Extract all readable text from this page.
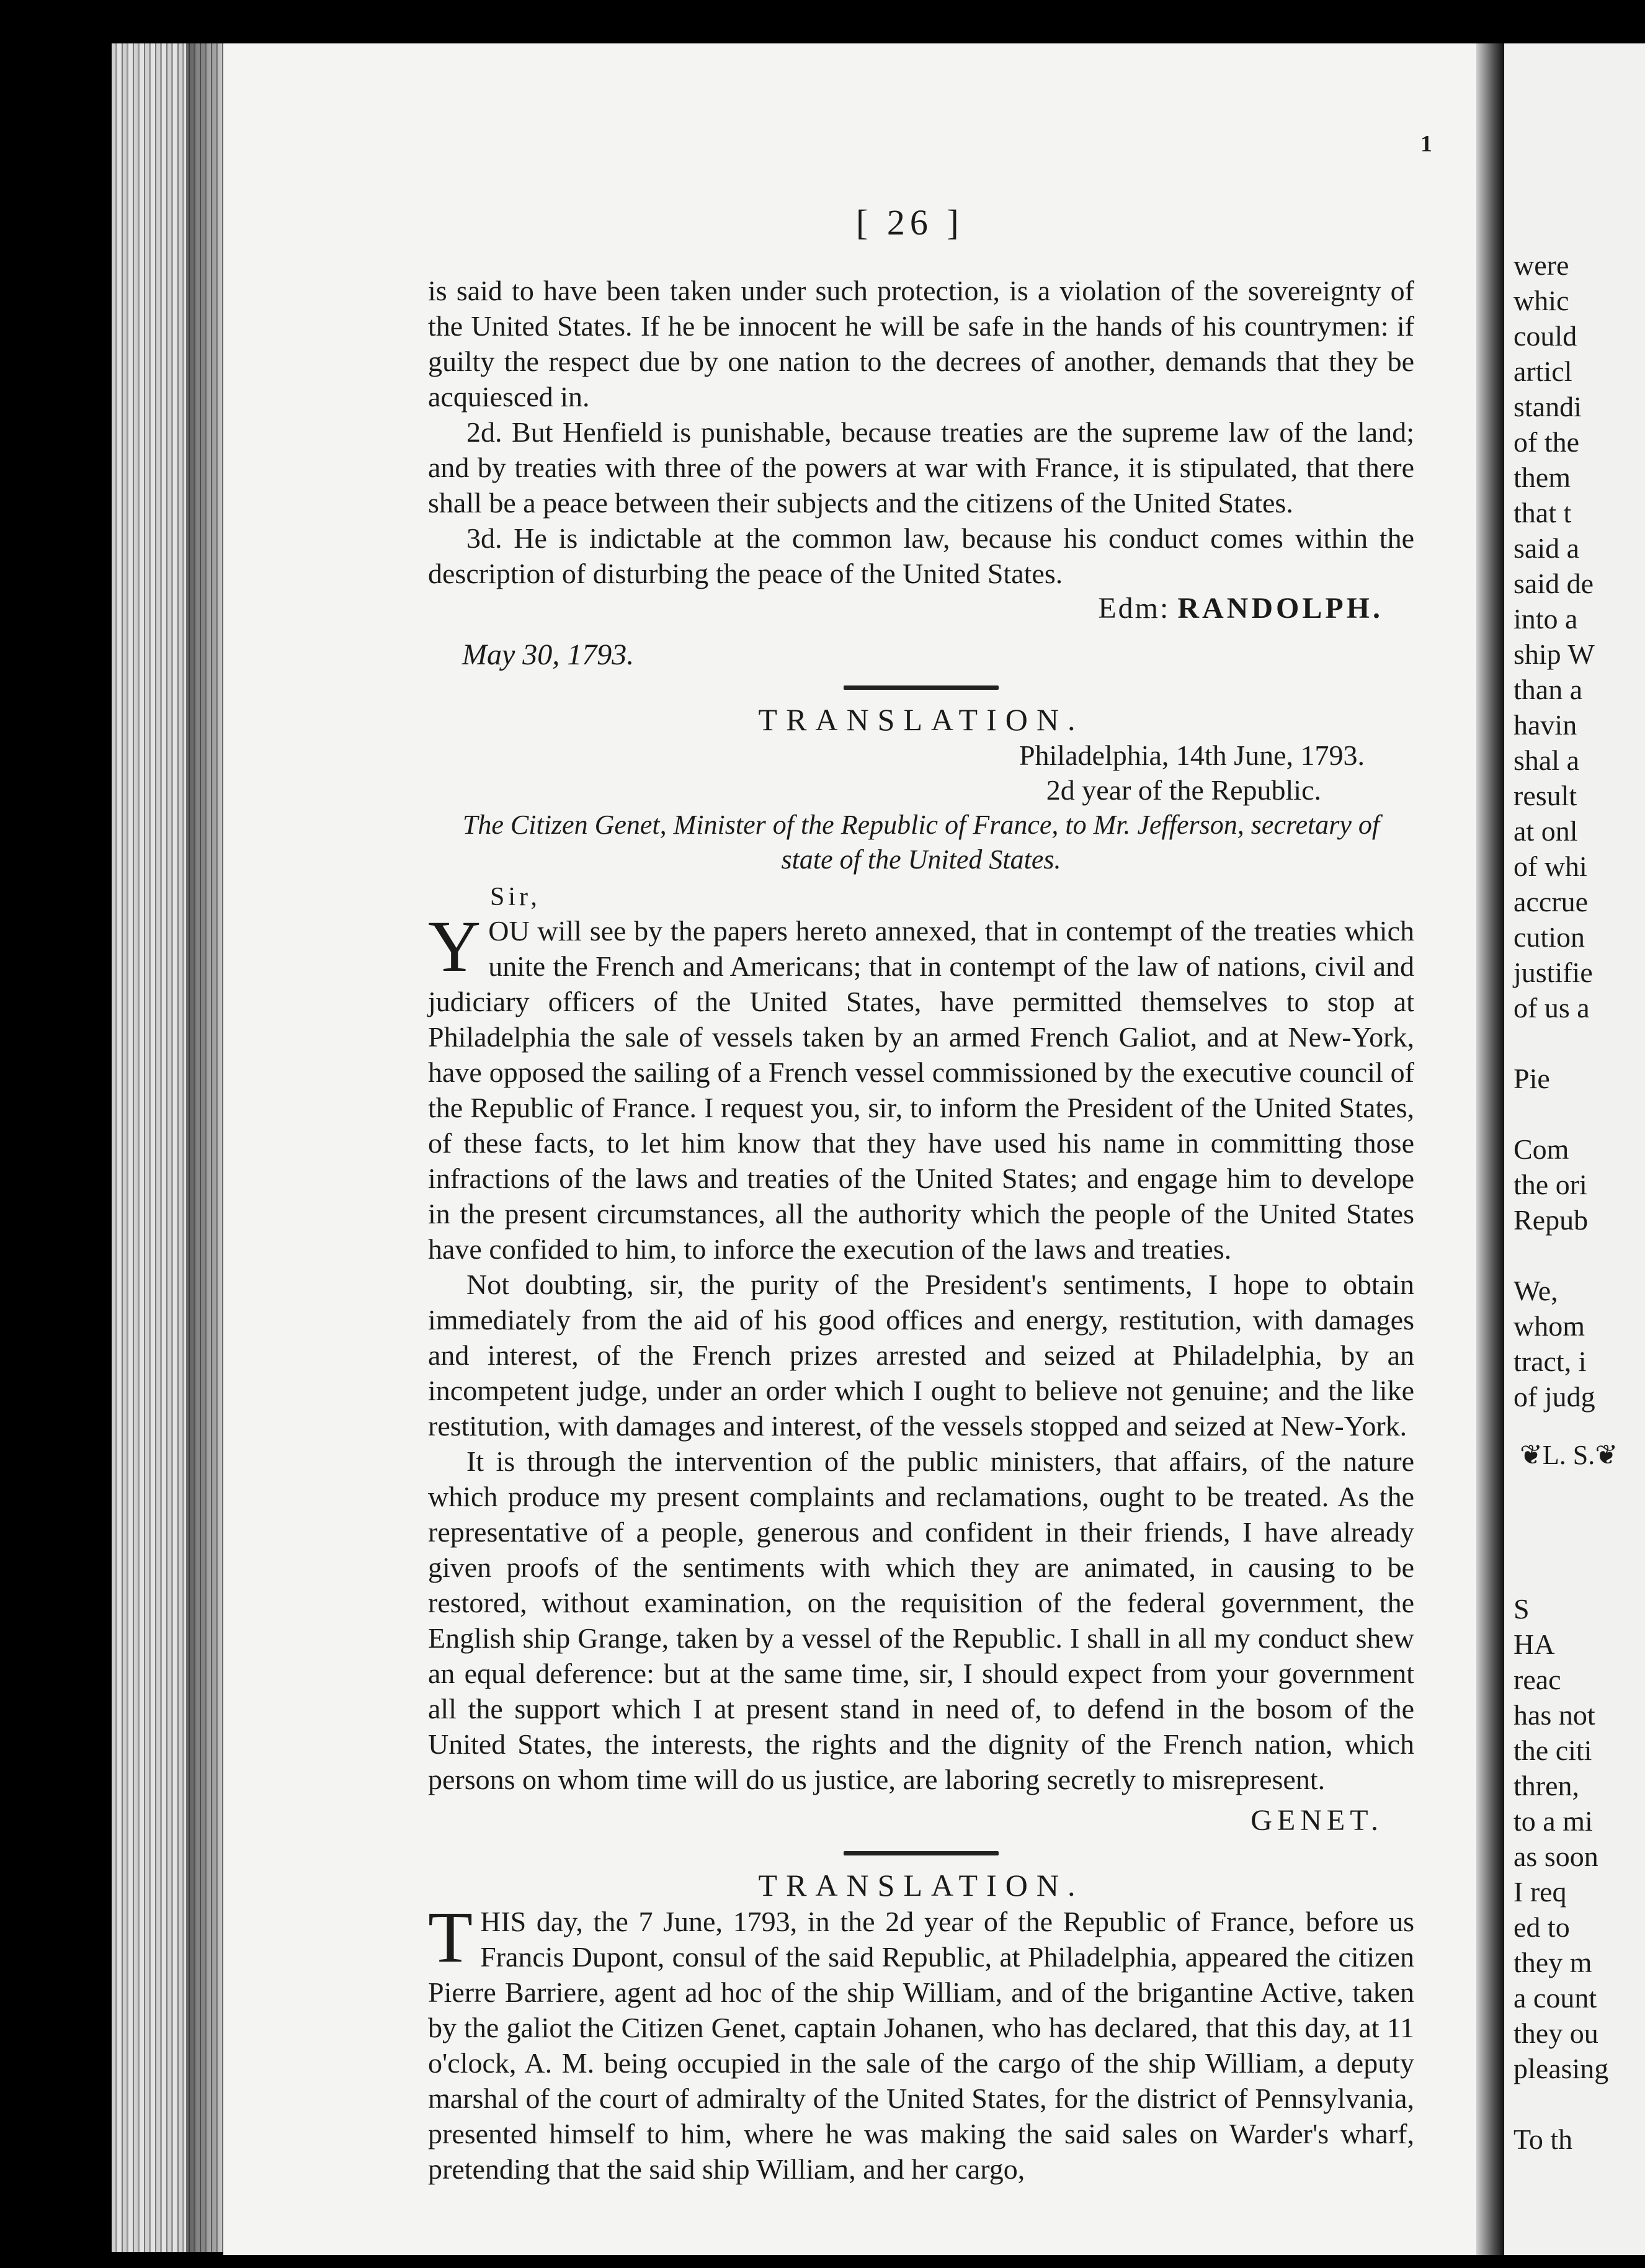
1
[ 26 ]

is said to have been taken under such protection, is a violation of the sovereignty of the United States. If he be innocent he will be safe in the hands of his countrymen: if guilty the respect due by one nation to the decrees of another, demands that they be acquiesced in.

2d. But Henfield is punishable, because treaties are the supreme law of the land; and by treaties with three of the powers at war with France, it is stipulated, that there shall be a peace between their subjects and the citizens of the United States.

3d. He is indictable at the common law, because his conduct comes within the description of disturbing the peace of the United States.

Edm: RANDOLPH.
May 30, 1793.

TRANSLATION.

Philadelphia, 14th June, 1793.
2d year of the Republic.
The Citizen Genet, Minister of the Republic of France, to Mr. Jefferson, secretary of state of the United States.
Sir,
Y OU will see by the papers hereto annexed, that in contempt of the treaties which unite the French and Americans; that in contempt of the law of nations, civil and judiciary officers of the United States, have permitted themselves to stop at Philadelphia the sale of vessels taken by an armed French Galiot, and at New-York, have opposed the sailing of a French vessel commissioned by the executive council of the Republic of France. I request you, sir, to inform the President of the United States, of these facts, to let him know that they have used his name in committing those infractions of the laws and treaties of the United States; and engage him to develope in the present circumstances, all the authority which the people of the United States have confided to him, to inforce the execution of the laws and treaties.

Not doubting, sir, the purity of the President's sentiments, I hope to obtain immediately from the aid of his good offices and energy, restitution, with damages and interest, of the French prizes arrested and seized at Philadelphia, by an incompetent judge, under an order which I ought to believe not genuine; and the like restitution, with damages and interest, of the vessels stopped and seized at New-York.

It is through the intervention of the public ministers, that affairs, of the nature which produce my present complaints and reclamations, ought to be treated. As the representative of a people, generous and confident in their friends, I have already given proofs of the sentiments with which they are animated, in causing to be restored, without examination, on the requisition of the federal government, the English ship Grange, taken by a vessel of the Republic. I shall in all my conduct shew an equal deference: but at the same time, sir, I should expect from your government all the support which I at present stand in need of, to defend in the bosom of the United States, the interests, the rights and the dignity of the French nation, which persons on whom time will do us justice, are laboring secretly to misrepresent.

GENET.

TRANSLATION.

T HIS day, the 7 June, 1793, in the 2d year of the Republic of France, before us Francis Dupont, consul of the said Republic, at Philadelphia, appeared the citizen Pierre Barriere, agent ad hoc of the ship William, and of the brigantine Active, taken by the galiot the Citizen Genet, captain Johanen, who has declared, that this day, at 11 o'clock, A. M. being occupied in the sale of the cargo of the ship William, a deputy marshal of the court of admiralty of the United States, for the district of Pennsylvania, presented himself to him, where he was making the said sales on Warder's wharf, pretending that the said ship William, and her cargo,

were
whic
could
articl
standi
of the
them
that t
said a
said de
into a
ship W
than a
havin
shal a
result
at onl
of whi
accrue
cution
justifie
of us a
Pie
Com
the ori
Repub
We,
whom
tract, i
of judg
S
HA
reac
has not
the citi
thren,
to a mi
as soon
I req
ed to
they m
a count
they ou
pleasing
To th
❦L. S.❦
